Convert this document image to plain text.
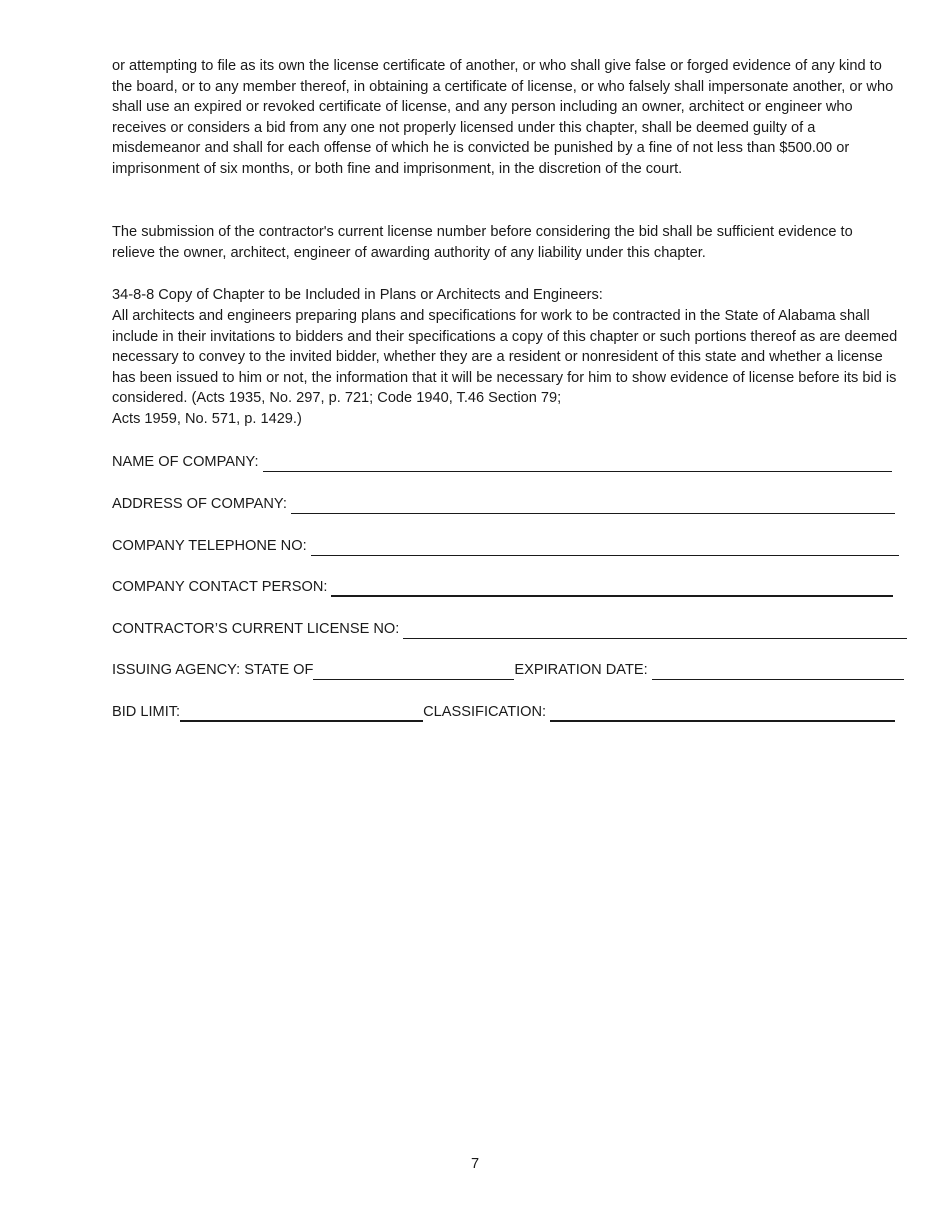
or attempting to file as its own the license certificate of another, or who shall give false or forged evidence of any kind to the board, or to any member thereof, in obtaining a certificate of license, or who falsely shall impersonate another, or who shall use an expired or revoked certificate of license, and any person including an owner, architect or engineer who receives or considers a bid from any one not properly licensed under this chapter, shall be deemed guilty of a misdemeanor and shall for each offense of which he is convicted be punished by a fine of not less than $500.00 or imprisonment of six months, or both fine and imprisonment, in the discretion of the court.

The submission of the contractor's current license number before considering the bid shall be sufficient evidence to relieve the owner, architect, engineer of awarding authority of any liability under this chapter.

34-8-8 Copy of Chapter to be Included in Plans or Architects and Engineers:

All architects and engineers preparing plans and specifications for work to be contracted in the State of Alabama shall include in their invitations to bidders and their specifications a copy of this chapter or such portions thereof as are deemed necessary to convey to the invited bidder, whether they are a resident or nonresident of this state and whether a license has been issued to him or not, the information that it will be necessary for him to show evidence of license before its bid is considered. (Acts 1935, No. 297, p. 721; Code 1940, T.46 Section 79;

Acts 1959, No. 571, p. 1429.)

NAME OF COMPANY:
ADDRESS OF COMPANY:
COMPANY TELEPHONE NO:
COMPANY CONTACT PERSON:
CONTRACTOR’S CURRENT LICENSE NO:
ISSUING AGENCY: STATE OF	EXPIRATION DATE:
BID LIMIT:	CLASSIFICATION:
7
